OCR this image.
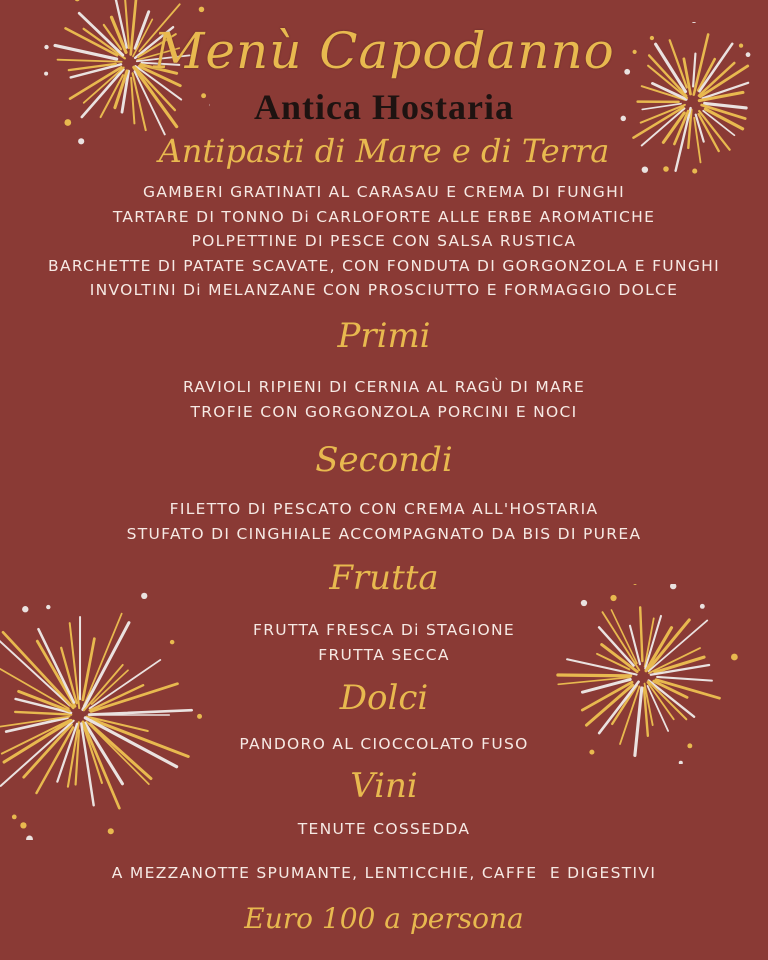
Menù Capodanno
Antica Hostaria
Antipasti di Mare e di Terra
GAMBERI GRATINATI AL CARASAU E CREMA DI FUNGHI
TARTARE DI TONNO Di CARLOFORTE ALLE ERBE AROMATICHE
POLPETTINE DI PESCE CON SALSA RUSTICA
BARCHETTE DI PATATE SCAVATE, CON FONDUTA DI GORGONZOLA E FUNGHI
INVOLTINI Di MELANZANE CON PROSCIUTTO E FORMAGGIO DOLCE
Primi
RAVIOLI RIPIENI DI CERNIA AL RAGÙ DI MARE
TROFIE CON GORGONZOLA PORCINI E NOCI
Secondi
FILETTO DI PESCATO CON CREMA ALL'HOSTARIA
STUFATO DI CINGHIALE ACCOMPAGNATO DA BIS DI PUREA
Frutta
FRUTTA FRESCA Di STAGIONE
FRUTTA SECCA
Dolci
PANDORO AL CIOCCOLATO FUSO
Vini
TENUTE COSSEDDA
A MEZZANOTTE SPUMANTE, LENTICCHIE, CAFFE  E DIGESTIVI
Euro 100 a persona
